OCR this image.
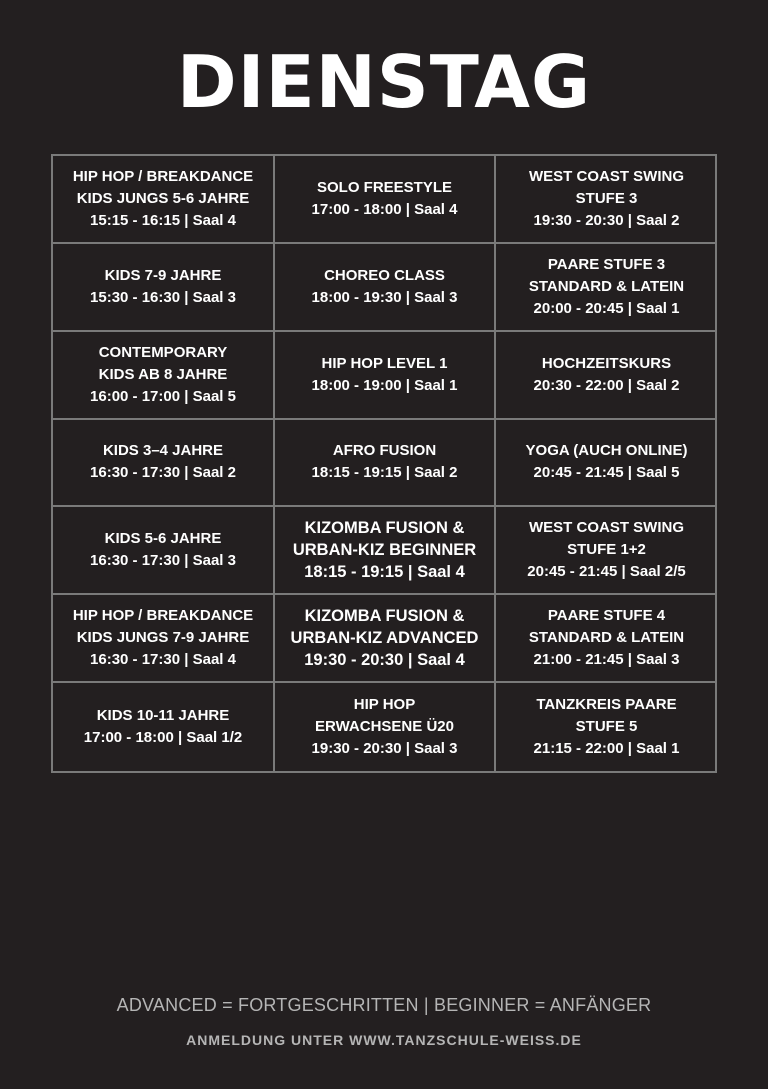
DIENSTAG
HIP HOP / BREAKDANCE
KIDS JUNGS 5-6 JAHRE
15:15 - 16:15 | Saal 4
SOLO FREESTYLE
17:00 - 18:00 | Saal 4
WEST COAST SWING
STUFE 3
19:30 - 20:30 | Saal 2
KIDS 7-9 JAHRE
15:30 - 16:30 | Saal 3
CHOREO CLASS
18:00 - 19:30 | Saal 3
PAARE STUFE 3
STANDARD & LATEIN
20:00 - 20:45 | Saal 1
CONTEMPORARY
KIDS AB 8 JAHRE
16:00 - 17:00 | Saal 5
HIP HOP LEVEL 1
18:00 - 19:00 | Saal 1
HOCHZEITSKURS
20:30 - 22:00 | Saal 2
KIDS 3–4 JAHRE
16:30 - 17:30 | Saal 2
AFRO FUSION
18:15 - 19:15 | Saal 2
YOGA (AUCH ONLINE)
20:45 - 21:45 | Saal 5
KIDS 5-6 JAHRE
16:30 - 17:30 | Saal 3
KIZOMBA FUSION &
URBAN-KIZ BEGINNER
18:15 - 19:15 | Saal 4
WEST COAST SWING
STUFE 1+2
20:45 - 21:45 | Saal 2/5
HIP HOP / BREAKDANCE
KIDS JUNGS 7-9 JAHRE
16:30 - 17:30 | Saal 4
KIZOMBA FUSION &
URBAN-KIZ ADVANCED
19:30 - 20:30 | Saal 4
PAARE STUFE 4
STANDARD & LATEIN
21:00 - 21:45 | Saal 3
KIDS 10-11 JAHRE
17:00 - 18:00 | Saal 1/2
HIP HOP
ERWACHSENE Ü20
19:30 - 20:30 | Saal 3
TANZKREIS PAARE
STUFE 5
21:15 - 22:00 | Saal 1
ADVANCED = FORTGESCHRITTEN | BEGINNER = ANFÄNGER
ANMELDUNG UNTER WWW.TANZSCHULE-WEISS.DE
